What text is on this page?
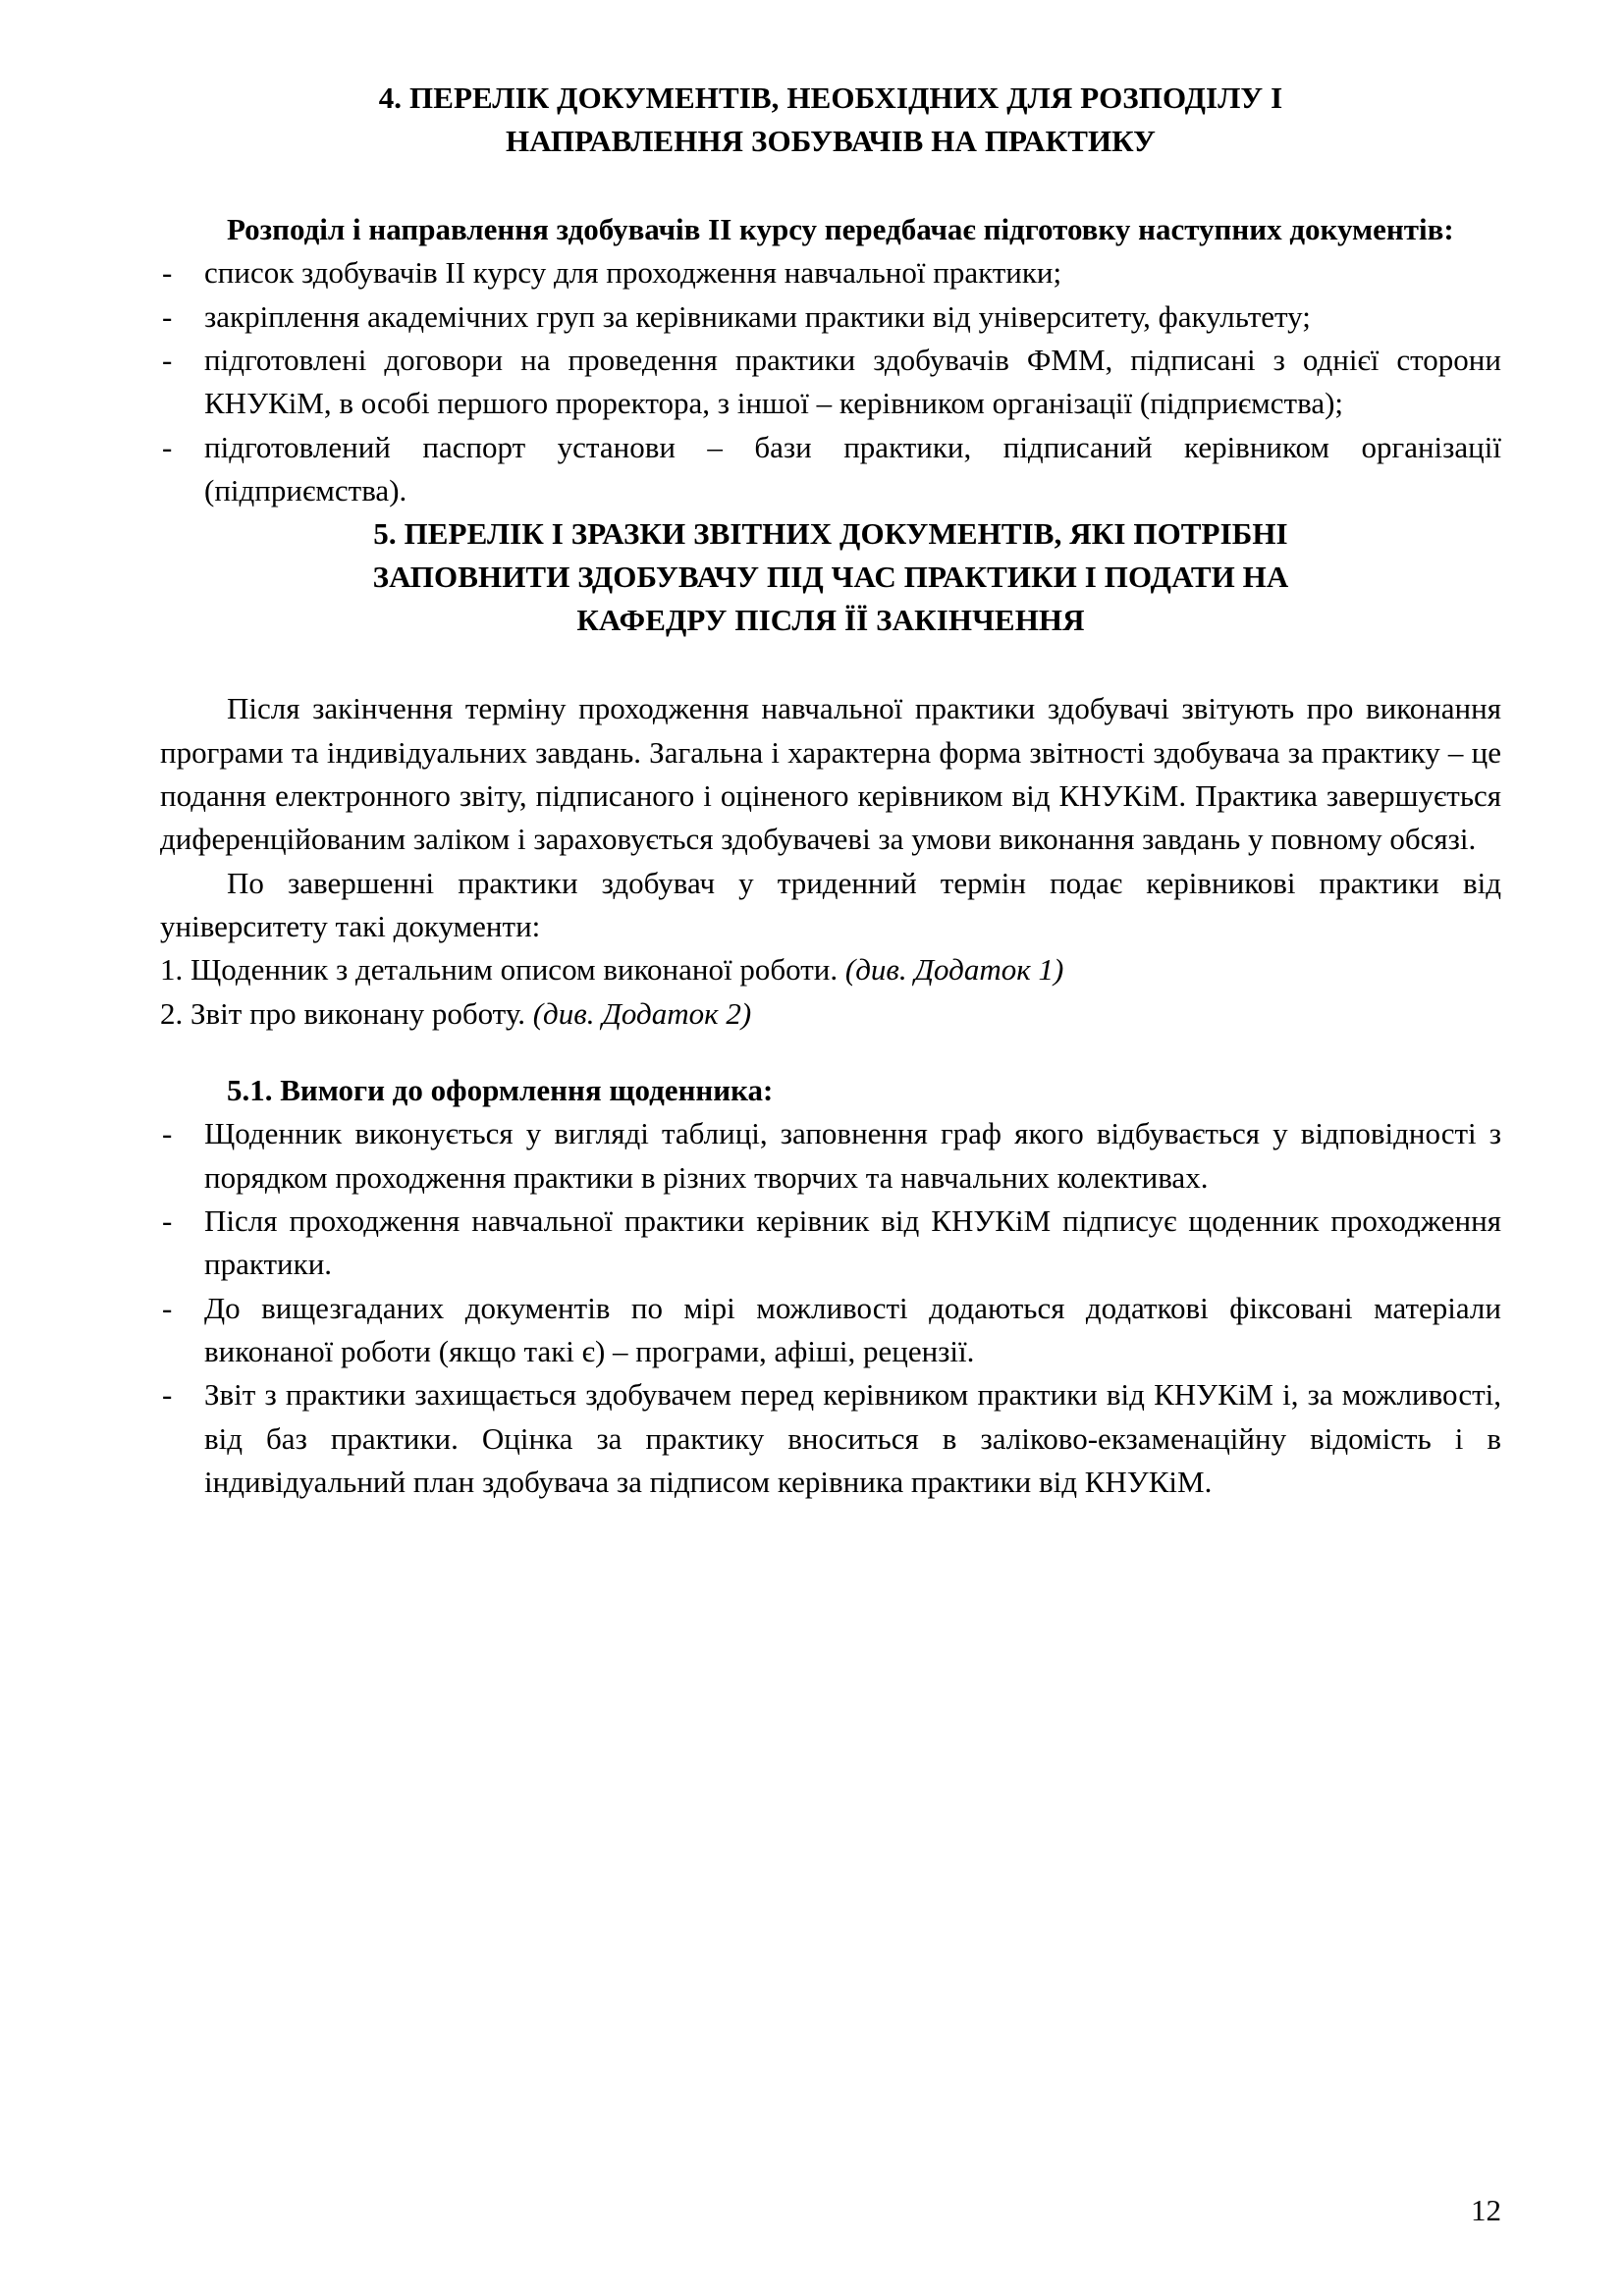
4. ПЕРЕЛІК ДОКУМЕНТІВ, НЕОБХІДНИХ ДЛЯ РОЗПОДІЛУ І
НАПРАВЛЕННЯ ЗОБУВАЧІВ НА ПРАКТИКУ

Розподіл і направлення здобувачів ІІ курсу передбачає підготовку наступних документів:

-	список здобувачів ІІ курсу для проходження навчальної практики;
-	закріплення академічних груп за керівниками практики від університету, факультету;
-	підготовлені договори на проведення практики здобувачів ФММ, підписані з однієї сторони КНУКіМ, в особі першого проректора, з іншої – керівником організації (підприємства);
-	підготовлений паспорт установи – бази практики, підписаний керівником організації (підприємства).
5. ПЕРЕЛІК І ЗРАЗКИ ЗВІТНИХ ДОКУМЕНТІВ, ЯКІ ПОТРІБНІ
ЗАПОВНИТИ ЗДОБУВАЧУ ПІД ЧАС ПРАКТИКИ І ПОДАТИ НА
КАФЕДРУ ПІСЛЯ ЇЇ ЗАКІНЧЕННЯ

Після закінчення терміну проходження навчальної практики здобувачі звітують про виконання програми та індивідуальних завдань. Загальна і характерна форма звітності здобувача за практику – це подання електронного звіту, підписаного і оціненого керівником від КНУКіМ. Практика завершується диференційованим заліком і зараховується здобувачеві за умови виконання завдань у повному обсязі.

По завершенні практики здобувач у триденний термін подає керівникові практики від університету такі документи:

1. Щоденник з детальним описом виконаної роботи. (див. Додаток 1)
2. Звіт про виконану роботу. (див. Додаток 2)

5.1. Вимоги до оформлення щоденника:

-	Щоденник виконується у вигляді таблиці, заповнення граф якого відбувається у відповідності з порядком проходження практики в різних творчих та навчальних колективах.
-	Після проходження навчальної практики керівник від КНУКіМ підписує щоденник проходження практики.
-	До вищезгаданих документів по мірі можливості додаються додаткові фіксовані матеріали виконаної роботи (якщо такі є) – програми, афіші, рецензії.
-	Звіт з практики захищається здобувачем перед керівником практики від КНУКіМ і, за можливості, від баз практики. Оцінка за практику вноситься в заліково-екзаменаційну відомість і в індивідуальний план здобувача за підписом керівника практики від КНУКіМ.
12
